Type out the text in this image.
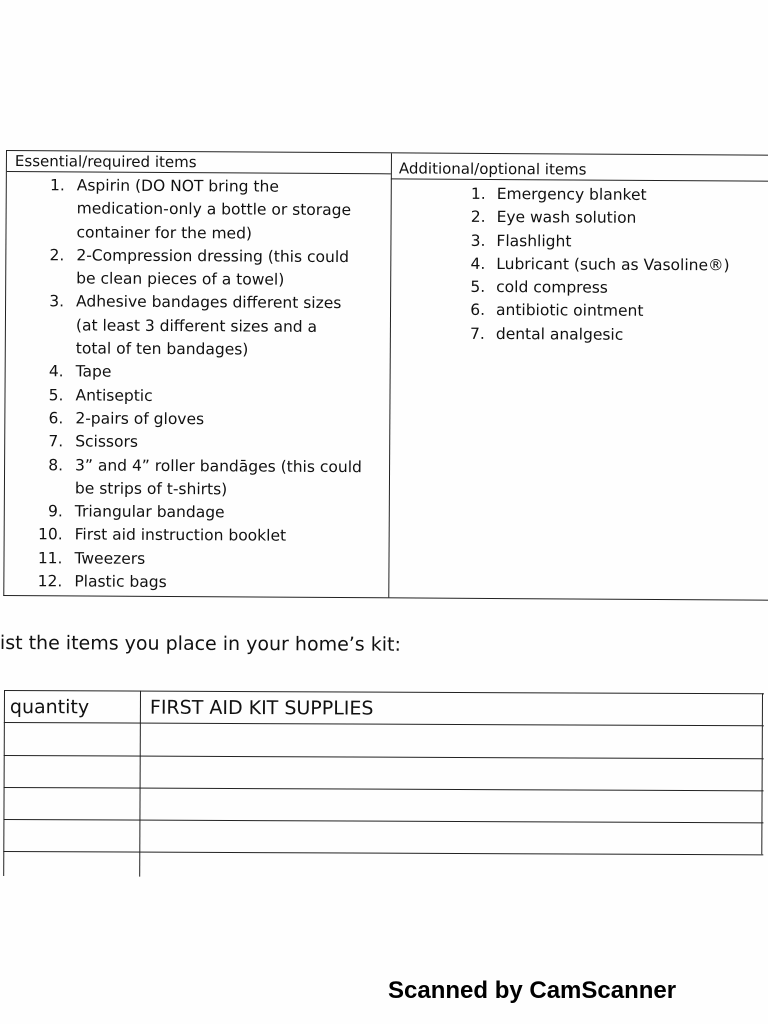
Essential/required items	Additional/optional items
1. Aspirin (DO NOT bring the
medication-only a bottle or storage
container for the med)
2. 2-Compression dressing (this could
be clean pieces of a towel)
3. Adhesive bandages different sizes
(at least 3 different sizes and a
total of ten bandages)
4. Tape
5. Antiseptic
6. 2-pairs of gloves
7. Scissors
8. 3” and 4” roller bandāges (this could
be strips of t-shirts)
9. Triangular bandage
10. First aid instruction booklet
11. Tweezers
12. Plastic bags
1. Emergency blanket
2. Eye wash solution
3. Flashlight
4. Lubricant (such as Vasoline®)
5. cold compress
6. antibiotic ointment
7. dental analgesic
ist the items you place in your home’s kit:
quantity	FIRST AID KIT SUPPLIES
Scanned by CamScanner
